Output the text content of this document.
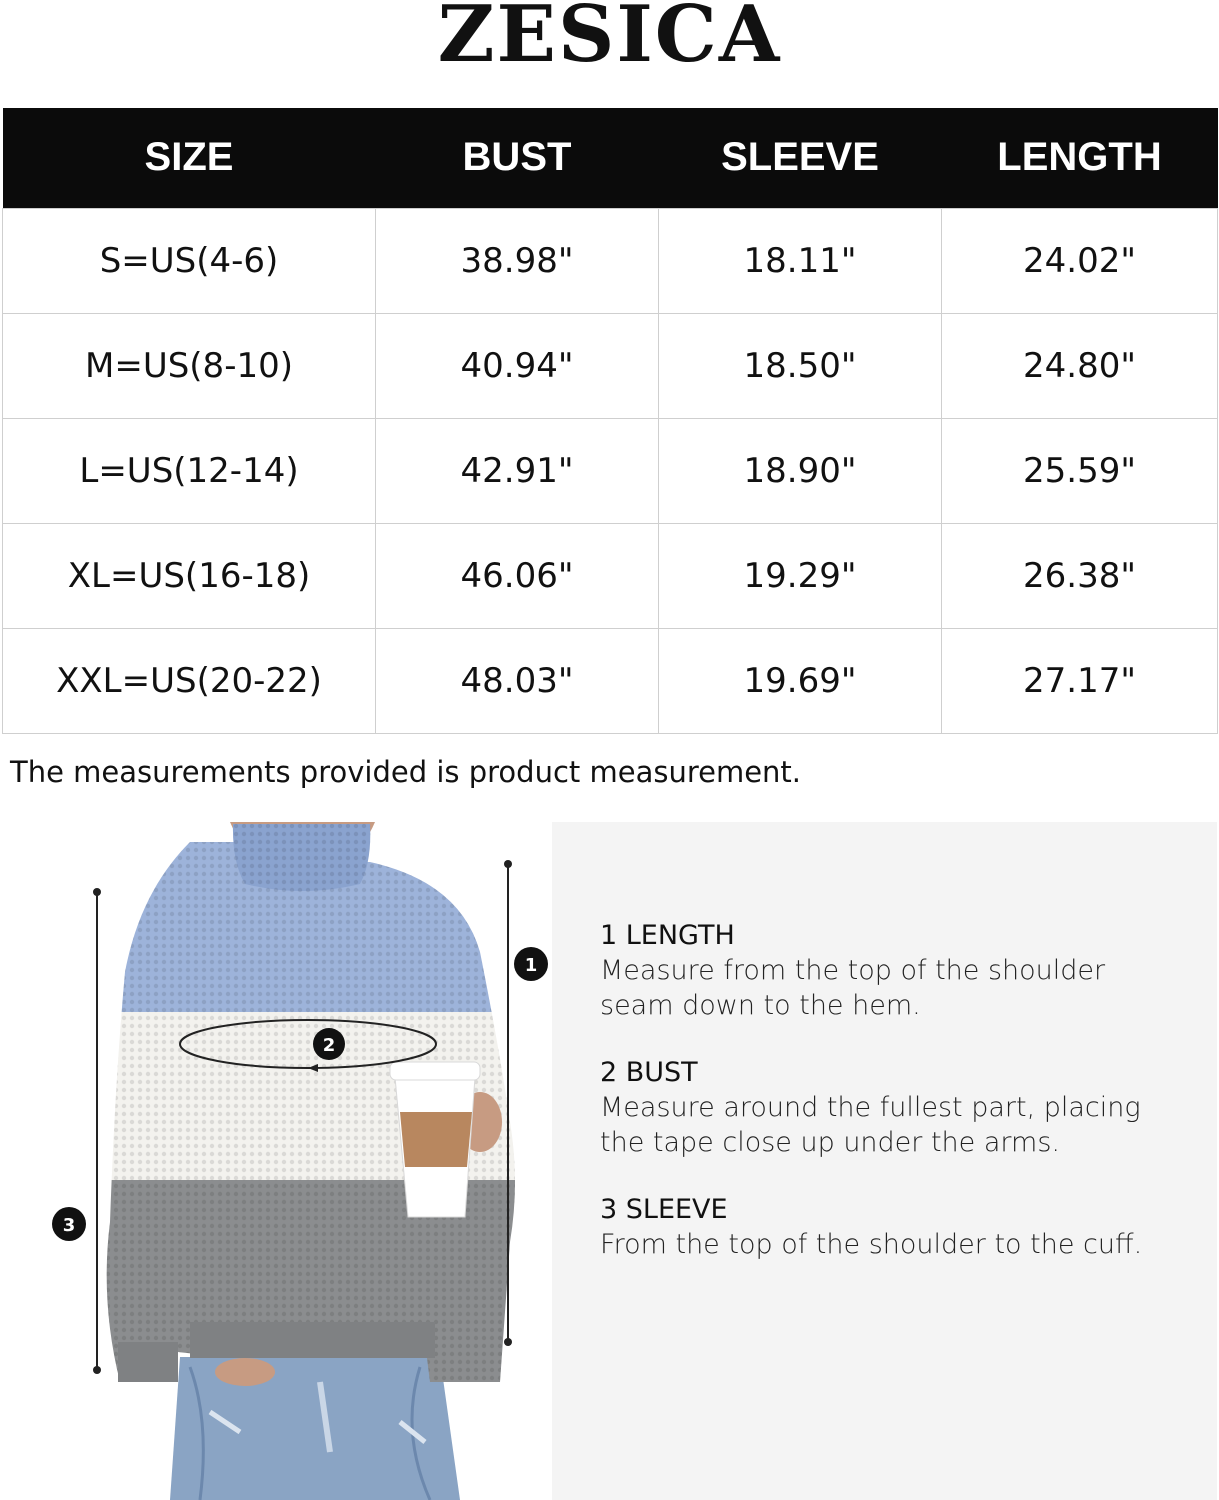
ZESICA
SIZE	BUST	SLEEVE	LENGTH
S=US(4-6)	38.98"	18.11"	24.02"
M=US(8-10)	40.94"	18.50"	24.80"
L=US(12-14)	42.91"	18.90"	25.59"
XL=US(16-18)	46.06"	19.29"	26.38"
XXL=US(20-22)	48.03"	19.69"	27.17"
The measurements provided is product measurement.
1
2
3
1 LENGTH
Measure from the top of the shoulder
seam down to the hem.
2 BUST
Measure around the fullest part, placing
the tape close up under the arms.
3 SLEEVE
From the top of the shoulder to the cuff.
